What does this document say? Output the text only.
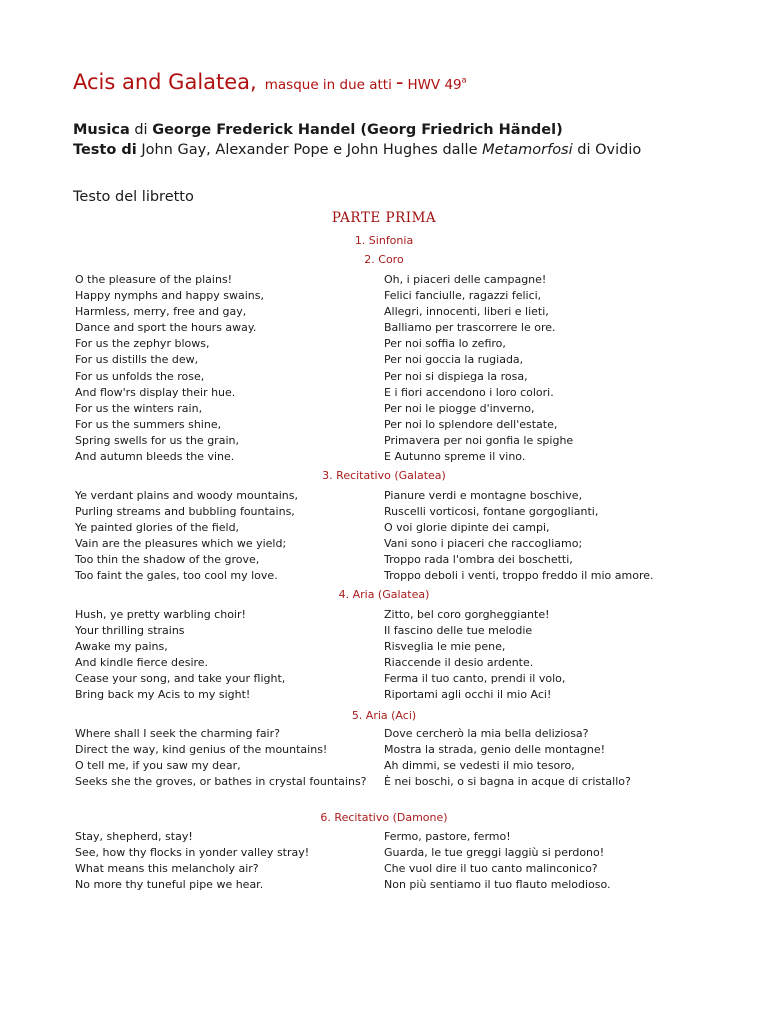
Acis and Galatea, masque in due atti - HWV 49$^a$
Musica di George Frederick Handel (Georg Friedrich Händel)
Testo di John Gay, Alexander Pope e John Hughes dalle Metamorfosi di Ovidio
Testo del libretto
PARTE PRIMA
1. Sinfonia
2. Coro
O the pleasure of the plains!
Happy nymphs and happy swains,
Harmless, merry, free and gay,
Dance and sport the hours away.
For us the zephyr blows,
For us distills the dew,
For us unfolds the rose,
And flow'rs display their hue.
For us the winters rain,
For us the summers shine,
Spring swells for us the grain,
And autumn bleeds the vine.
Oh, i piaceri delle campagne!
Felici fanciulle, ragazzi felici,
Allegri, innocenti, liberi e lieti,
Balliamo per trascorrere le ore.
Per noi soffia lo zefiro,
Per noi goccia la rugiada,
Per noi si dispiega la rosa,
E i fiori accendono i loro colori.
Per noi le piogge d'inverno,
Per noi lo splendore dell'estate,
Primavera per noi gonfia le spighe
E Autunno spreme il vino.
3. Recitativo (Galatea)
Ye verdant plains and woody mountains,
Purling streams and bubbling fountains,
Ye painted glories of the field,
Vain are the pleasures which we yield;
Too thin the shadow of the grove,
Too faint the gales, too cool my love.
Pianure verdi e montagne boschive,
Ruscelli vorticosi, fontane gorgoglianti,
O voi glorie dipinte dei campi,
Vani sono i piaceri che raccogliamo;
Troppo rada l'ombra dei boschetti,
Troppo deboli i venti, troppo freddo il mio amore.
4. Aria (Galatea)
Hush, ye pretty warbling choir!
Your thrilling strains
Awake my pains,
And kindle fierce desire.
Cease your song, and take your flight,
Bring back my Acis to my sight!
Zitto, bel coro gorgheggiante!
Il fascino delle tue melodie
Risveglia le mie pene,
Riaccende il desio ardente.
Ferma il tuo canto, prendi il volo,
Riportami agli occhi il mio Aci!
5. Aria (Aci)
Where shall I seek the charming fair?
Direct the way, kind genius of the mountains!
O tell me, if you saw my dear,
Seeks she the groves, or bathes in crystal fountains?
Dove cercherò la mia bella deliziosa?
Mostra la strada, genio delle montagne!
Ah dimmi, se vedesti il mio tesoro,
È nei boschi, o si bagna in acque di cristallo?
6. Recitativo (Damone)
Stay, shepherd, stay!
See, how thy flocks in yonder valley stray!
What means this melancholy air?
No more thy tuneful pipe we hear.
Fermo, pastore, fermo!
Guarda, le tue greggi laggiù si perdono!
Che vuol dire il tuo canto malinconico?
Non più sentiamo il tuo flauto melodioso.
